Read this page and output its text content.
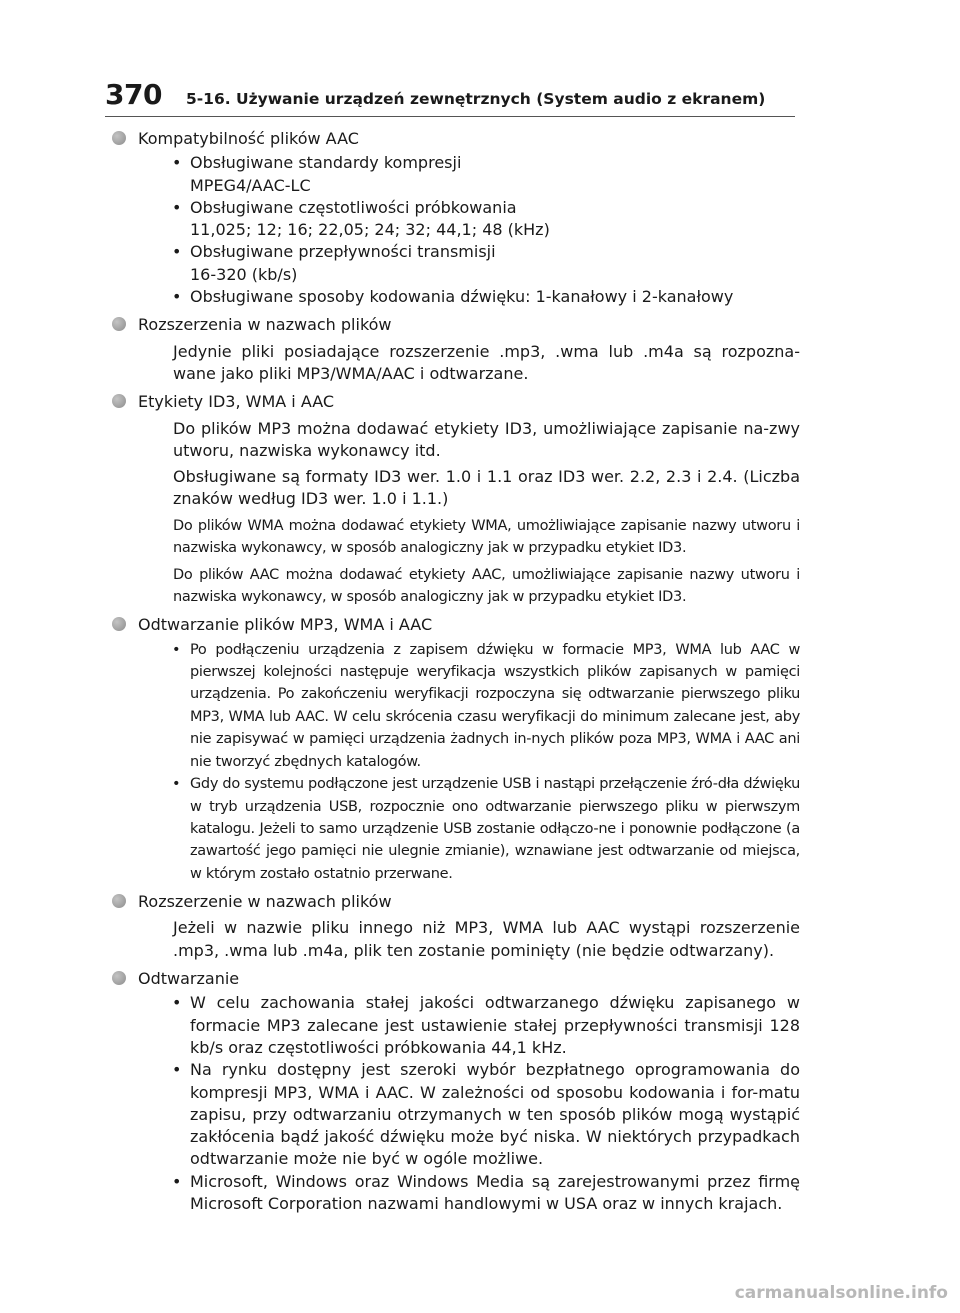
370 5-16. Używanie urządzeń zewnętrznych (System audio z ekranem)

Kompatybilność plików AAC

• Obsługiwane standardy kompresji
MPEG4/AAC-LC
• Obsługiwane częstotliwości próbkowania
11,025; 12; 16; 22,05; 24; 32; 44,1; 48 (kHz)
• Obsługiwane przepływności transmisji
16-320 (kb/s)
• Obsługiwane sposoby kodowania dźwięku: 1-kanałowy i 2-kanałowy

Rozszerzenia w nazwach plików

Jedynie pliki posiadające rozszerzenie .mp3, .wma lub .m4a są rozpozna-wane jako pliki MP3/WMA/AAC i odtwarzane.

Etykiety ID3, WMA i AAC

Do plików MP3 można dodawać etykiety ID3, umożliwiające zapisanie na-zwy utworu, nazwiska wykonawcy itd.

Obsługiwane są formaty ID3 wer. 1.0 i 1.1 oraz ID3 wer. 2.2, 2.3 i 2.4. (Liczba znaków według ID3 wer. 1.0 i 1.1.)

Do plików WMA można dodawać etykiety WMA, umożliwiające zapisanie nazwy utworu i nazwiska wykonawcy, w sposób analogiczny jak w przypadku etykiet ID3.

Do plików AAC można dodawać etykiety AAC, umożliwiające zapisanie nazwy utworu i nazwiska wykonawcy, w sposób analogiczny jak w przypadku etykiet ID3.

Odtwarzanie plików MP3, WMA i AAC

• Po podłączeniu urządzenia z zapisem dźwięku w formacie MP3, WMA lub AAC w pierwszej kolejności następuje weryfikacja wszystkich plików zapisanych w pamięci urządzenia. Po zakończeniu weryfikacji rozpoczyna się odtwarzanie pierwszego pliku MP3, WMA lub AAC. W celu skrócenia czasu weryfikacji do minimum zalecane jest, aby nie zapisywać w pamięci urządzenia żadnych in-nych plików poza MP3, WMA i AAC ani nie tworzyć zbędnych katalogów.
• Gdy do systemu podłączone jest urządzenie USB i nastąpi przełączenie źró-dła dźwięku w tryb urządzenia USB, rozpocznie ono odtwarzanie pierwszego pliku w pierwszym katalogu. Jeżeli to samo urządzenie USB zostanie odłączo-ne i ponownie podłączone (a zawartość jego pamięci nie ulegnie zmianie), wznawiane jest odtwarzanie od miejsca, w którym zostało ostatnio przerwane.

Rozszerzenie w nazwach plików

Jeżeli w nazwie pliku innego niż MP3, WMA lub AAC wystąpi rozszerzenie .mp3, .wma lub .m4a, plik ten zostanie pominięty (nie będzie odtwarzany).

Odtwarzanie

• W celu zachowania stałej jakości odtwarzanego dźwięku zapisanego w formacie MP3 zalecane jest ustawienie stałej przepływności transmisji 128 kb/s oraz częstotliwości próbkowania 44,1 kHz.
• Na rynku dostępny jest szeroki wybór bezpłatnego oprogramowania do kompresji MP3, WMA i AAC. W zależności od sposobu kodowania i for-matu zapisu, przy odtwarzaniu otrzymanych w ten sposób plików mogą wystąpić zakłócenia bądź jakość dźwięku może być niska. W niektórych przypadkach odtwarzanie może nie być w ogóle możliwe.
• Microsoft, Windows oraz Windows Media są zarejestrowanymi przez firmę Microsoft Corporation nazwami handlowymi w USA oraz w innych krajach.
carmanualsonline.info
